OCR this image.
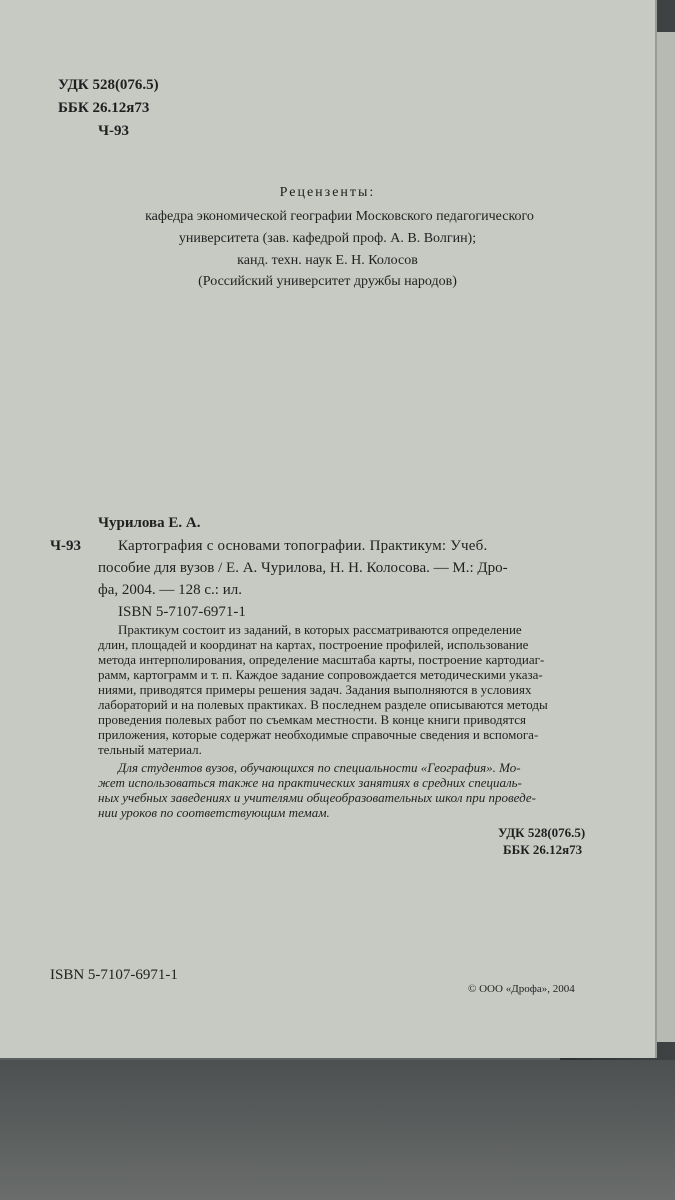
УДК 528(076.5)
ББК 26.12я73
Ч-93
Рецензенты:
кафедра экономической географии Московского педагогического
университета (зав. кафедрой проф. А. В. Волгин);
канд. техн. наук Е. Н. Колосов
(Российский университет дружбы народов)
Чурилова Е. А.
Ч-93 Картография с основами топографии. Практикум: Учеб.
пособие для вузов / Е. А. Чурилова, Н. Н. Колосова. — М.: Дро-
фа, 2004. — 128 с.: ил.
ISBN 5-7107-6971-1
Практикум состоит из заданий, в которых рассматриваются определение
длин, площадей и координат на картах, построение профилей, использование
метода интерполирования, определение масштаба карты, построение картодиаг-
рамм, картограмм и т. п. Каждое задание сопровождается методическими указа-
ниями, приводятся примеры решения задач. Задания выполняются в условиях
лабораторий и на полевых практиках. В последнем разделе описываются методы
проведения полевых работ по съемкам местности. В конце книги приводятся
приложения, которые содержат необходимые справочные сведения и вспомога-
тельный материал.
Для студентов вузов, обучающихся по специальности «География». Мо-
жет использоваться также на практических занятиях в средних специаль-
ных учебных заведениях и учителями общеобразовательных школ при проведе-
нии уроков по соответствующим темам.
УДК 528(076.5)
ББК 26.12я73
ISBN 5-7107-6971-1
© ООО «Дрофа», 2004
